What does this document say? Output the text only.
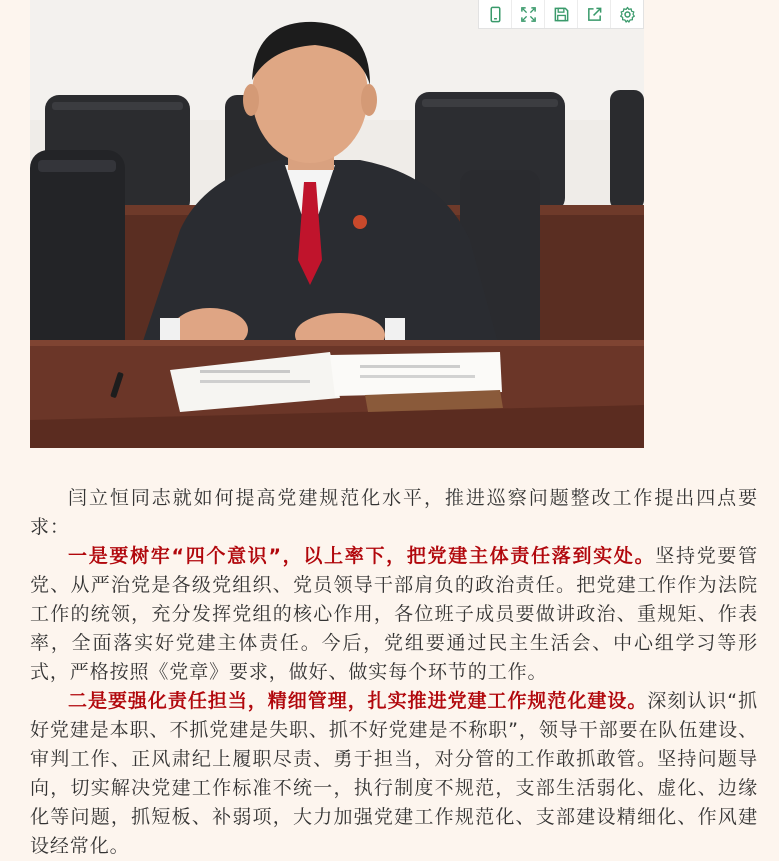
闫立恒同志就如何提高党建规范化水平，推进巡察问题整改工作提出四点要求：

一是要树牢“四个意识”，以上率下，把党建主体责任落到实处。坚持党要管党、从严治党是各级党组织、党员领导干部肩负的政治责任。把党建工作作为法院工作的统领，充分发挥党组的核心作用，各位班子成员要做讲政治、重规矩、作表率，全面落实好党建主体责任。今后，党组要通过民主生活会、中心组学习等形式，严格按照《党章》要求，做好、做实每个环节的工作。

二是要强化责任担当，精细管理，扎实推进党建工作规范化建设。深刻认识“抓好党建是本职、不抓党建是失职、抓不好党建是不称职”，领导干部要在队伍建设、审判工作、正风肃纪上履职尽责、勇于担当，对分管的工作敢抓敢管。坚持问题导向，切实解决党建工作标准不统一，执行制度不规范，支部生活弱化、虚化、边缘化等问题，抓短板、补弱项，大力加强党建工作规范化、支部建设精细化、作风建设经常化。
